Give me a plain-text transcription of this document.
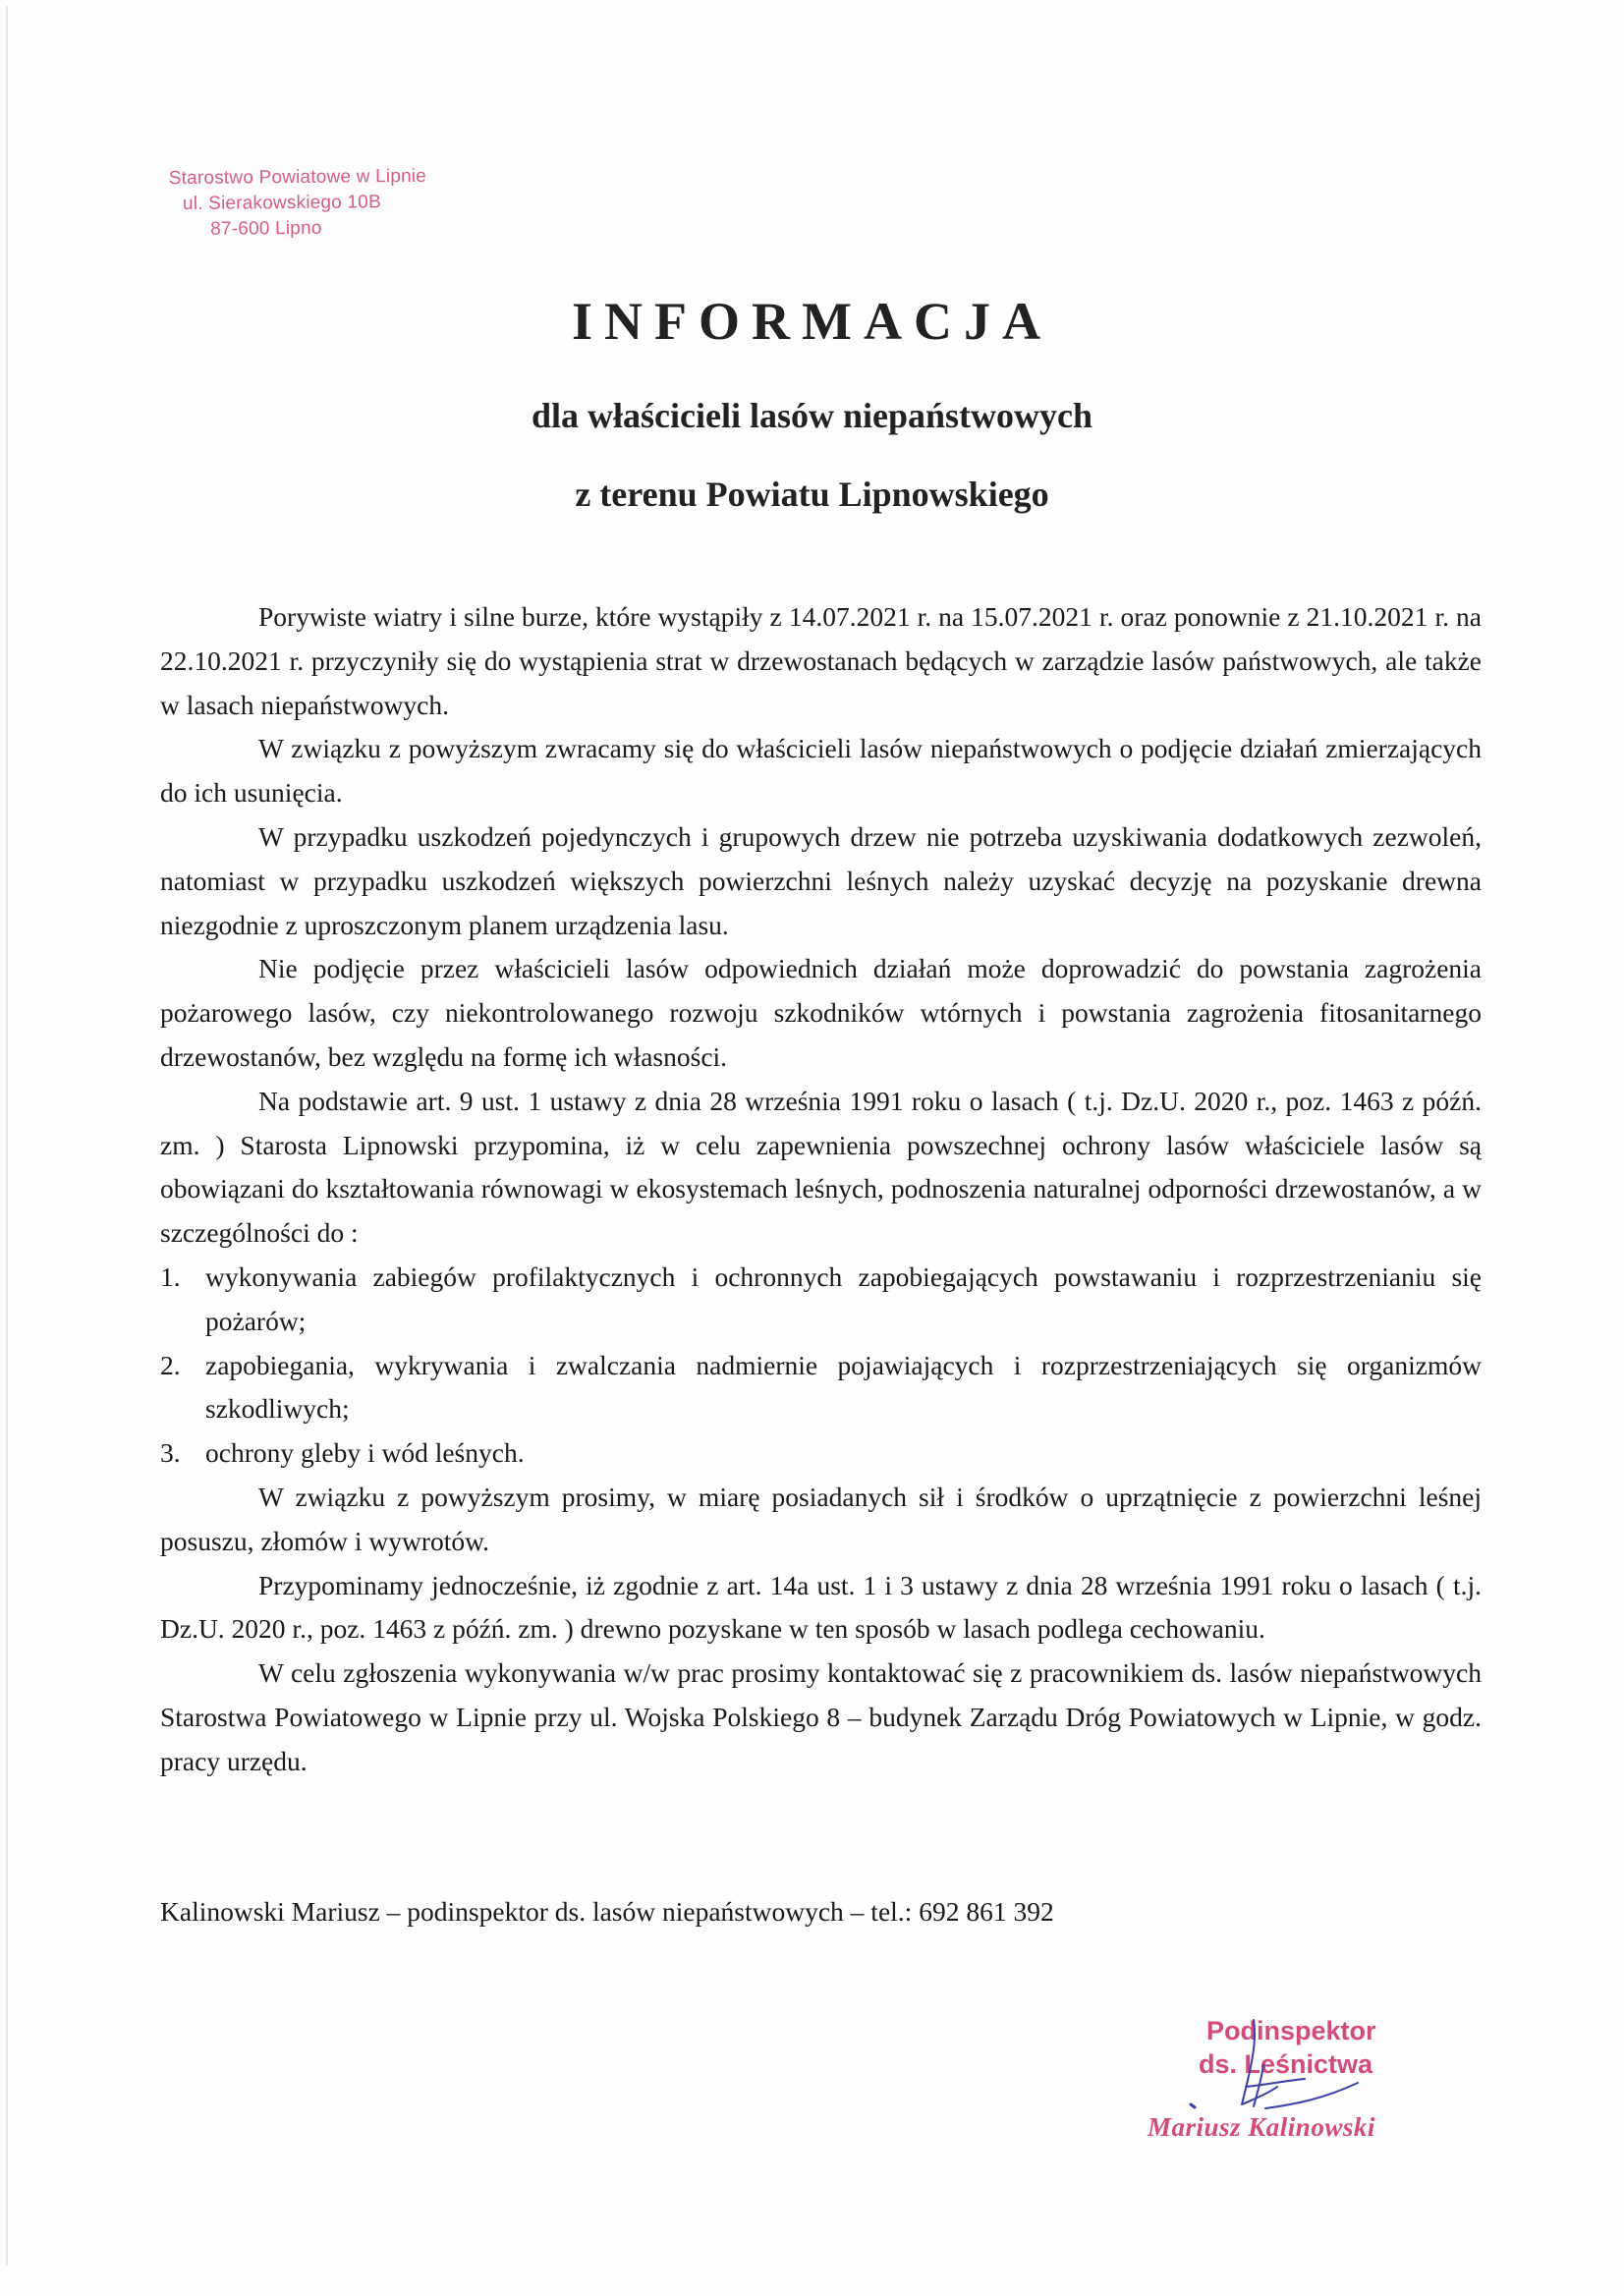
Starostwo Powiatowe w Lipnie
ul. Sierakowskiego 10B
87-600 Lipno
INFORMACJA
dla właścicieli lasów niepaństwowych
z terenu Powiatu Lipnowskiego

Porywiste wiatry i silne burze, które wystąpiły z 14.07.2021 r. na 15.07.2021 r. oraz ponownie z 21.10.2021 r. na 22.10.2021 r. przyczyniły się do wystąpienia strat w drzewostanach będących w zarządzie lasów państwowych, ale także w lasach niepaństwowych.

W związku z powyższym zwracamy się do właścicieli lasów niepaństwowych o podjęcie działań zmierzających do ich usunięcia.

W przypadku uszkodzeń pojedynczych i grupowych drzew nie potrzeba uzyskiwania dodatkowych zezwoleń, natomiast w przypadku uszkodzeń większych powierzchni leśnych należy uzyskać decyzję na pozyskanie drewna niezgodnie z uproszczonym planem urządzenia lasu.

Nie podjęcie przez właścicieli lasów odpowiednich działań może doprowadzić do powstania zagrożenia pożarowego lasów, czy niekontrolowanego rozwoju szkodników wtórnych i powstania zagrożenia fitosanitarnego drzewostanów, bez względu na formę ich własności.

Na podstawie art. 9 ust. 1 ustawy z dnia 28 września 1991 roku o lasach ( t.j. Dz.U. 2020 r., poz. 1463 z późń. zm. ) Starosta Lipnowski przypomina, iż w celu zapewnienia powszechnej ochrony lasów właściciele lasów są obowiązani do kształtowania równowagi w ekosystemach leśnych, podnoszenia naturalnej odporności drzewostanów, a w szczególności do :

1. wykonywania zabiegów profilaktycznych i ochronnych zapobiegających powstawaniu i rozprzestrzenianiu się pożarów;
2. zapobiegania, wykrywania i zwalczania nadmiernie pojawiających i rozprzestrzeniających się organizmów szkodliwych;
3. ochrony gleby i wód leśnych.

W związku z powyższym prosimy, w miarę posiadanych sił i środków o uprzątnięcie z powierzchni leśnej posuszu, złomów i wywrotów.

Przypominamy jednocześnie, iż zgodnie z art. 14a ust. 1 i 3 ustawy z dnia 28 września 1991 roku o lasach ( t.j. Dz.U. 2020 r., poz. 1463 z późń. zm. ) drewno pozyskane w ten sposób w lasach podlega cechowaniu.

W celu zgłoszenia wykonywania w/w prac prosimy kontaktować się z pracownikiem ds. lasów niepaństwowych Starostwa Powiatowego w Lipnie przy ul. Wojska Polskiego 8 – budynek Zarządu Dróg Powiatowych w Lipnie, w godz. pracy urzędu.

Kalinowski Mariusz – podinspektor ds. lasów niepaństwowych – tel.: 692 861 392
Podinspektor
ds. Leśnictwa
Mariusz Kalinowski
